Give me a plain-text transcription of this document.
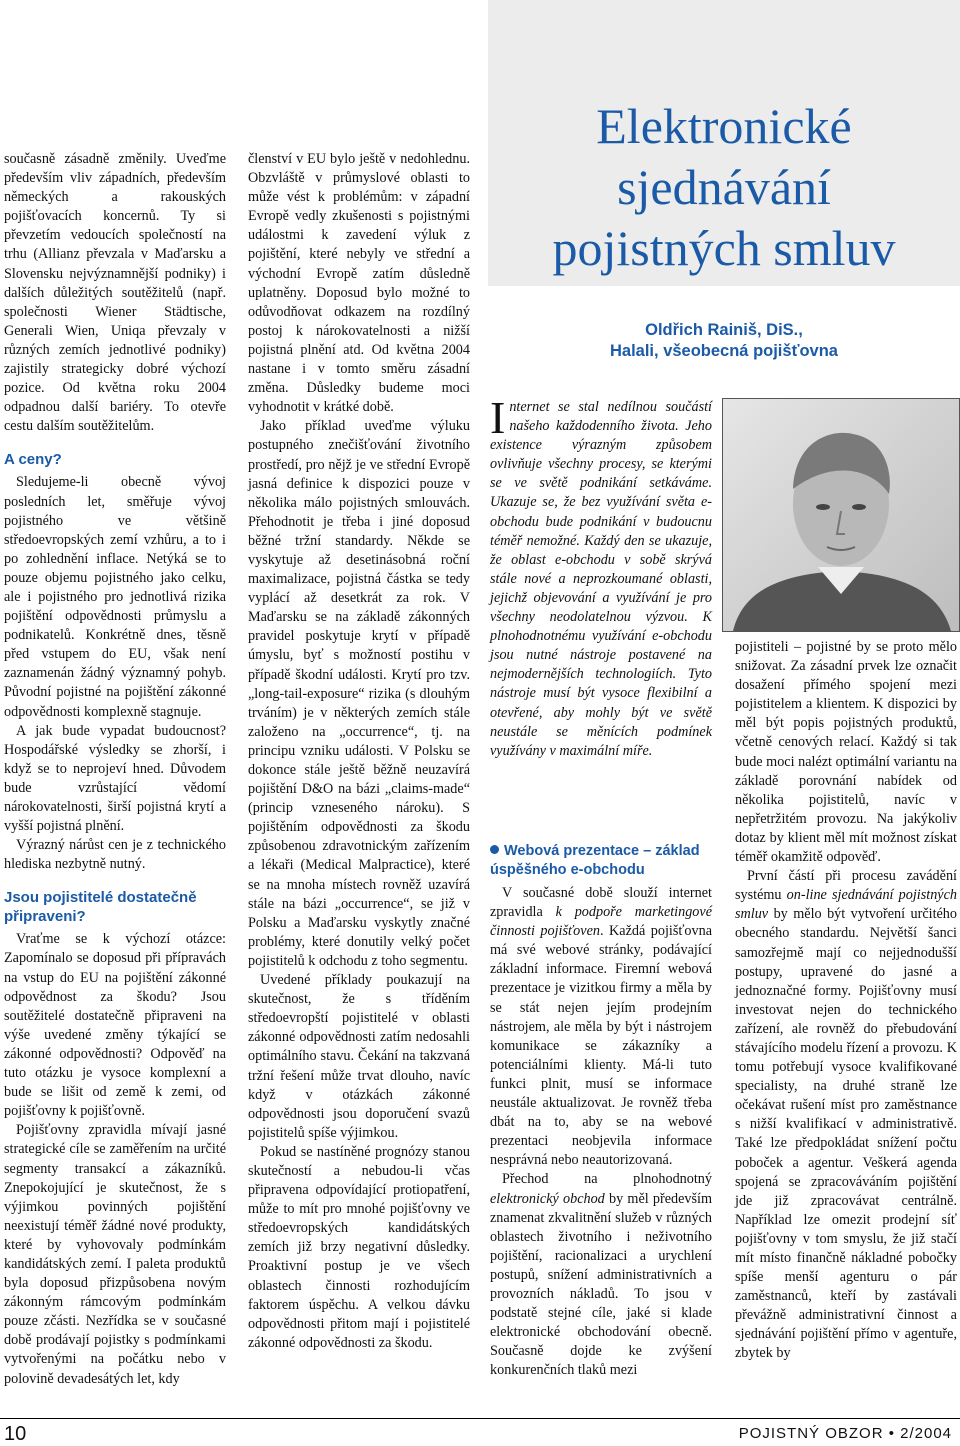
Elektronické
sjednávání
pojistných smluv
Oldřich Rainiš, DiS.,
Halali, všeobecná pojišťovna

současně zásadně změnily. Uveďme především vliv západních, především německých a rakouských pojišťovacích koncernů. Ty si převzetím vedoucích společností na trhu (Allianz převzala v Maďarsku a Slovensku nejvýznamnější podniky) i dalších důležitých soutěžitelů (např. společnosti Wiener Städtische, Generali Wien, Uniqa převzaly v různých zemích jednotlivé podniky) zajistily strategicky dobré výchozí pozice. Od května roku 2004 odpadnou další bariéry. To otevře cestu dalším soutěžitelům.

A ceny?

Sledujeme-li obecně vývoj posledních let, směřuje vývoj pojistného ve většině středoevropských zemí vzhůru, a to i po zohlednění inflace. Netýká se to pouze objemu pojistného jako celku, ale i pojistného pro jednotlivá rizika pojištění odpovědnosti průmyslu a podnikatelů. Konkrétně dnes, těsně před vstupem do EU, však není zaznamenán žádný významný pohyb. Původní pojistné na pojištění zákonné odpovědnosti komplexně stagnuje.

A jak bude vypadat budoucnost? Hospodářské výsledky se zhorší, i když se to neprojeví hned. Důvodem bude vzrůstající vědomí nárokovatelnosti, širší pojistná krytí a vyšší pojistná plnění.

Výrazný nárůst cen je z technického hlediska nezbytně nutný.

Jsou pojistitelé dostatečně připraveni?

Vraťme se k výchozí otázce: Zapomínalo se doposud při přípravách na vstup do EU na pojištění zákonné odpovědnost za škodu? Jsou soutěžitelé dostatečně připraveni na výše uvedené změny týkající se zákonné odpovědnosti? Odpověď na tuto otázku je vysoce komplexní a bude se lišit od země k zemi, od pojišťovny k pojišťovně.

Pojišťovny zpravidla mívají jasné strategické cíle se zaměřením na určité segmenty transakcí a zákazníků. Znepokojující je skutečnost, že s výjimkou povinných pojištění neexistují téměř žádné nové produkty, které by vyhovovaly podmínkám kandidátských zemí. I paleta produktů byla doposud přizpůsobena novým zákonným rámcovým podmínkám pouze zčásti. Nezřídka se v současné době prodávají pojistky s podmínkami vytvořenými na počátku nebo v polovině devadesátých let, kdy

členství v EU bylo ještě v nedohlednu. Obzvláště v průmyslové oblasti to může vést k problémům: v západní Evropě vedly zkušenosti s pojistnými událostmi k zavedení výluk z pojištění, které nebyly ve střední a východní Evropě zatím důsledně uplatněny. Doposud bylo možné to odůvodňovat odkazem na rozdílný postoj k nárokovatelnosti a nižší pojistná plnění atd. Od května 2004 nastane i v tomto směru zásadní změna. Důsledky budeme moci vyhodnotit v krátké době.

Jako příklad uveďme výluku postupného znečišťování životního prostředí, pro nějž je ve střední Evropě jasná definice k dispozici pouze v několika málo pojistných smlouvách. Přehodnotit je třeba i jiné doposud běžné tržní standardy. Někde se vyskytuje až desetinásobná roční maximalizace, pojistná částka se tedy vyplácí až desetkrát za rok. V Maďarsku se na základě zákonných pravidel poskytuje krytí v případě úmyslu, byť s možností postihu v případě škodní události. Krytí pro tzv. „long-tail-exposure“ rizika (s dlouhým trváním) je v některých zemích stále založeno na „occurrence“, tj. na principu vzniku události. V Polsku se dokonce stále ještě běžně neuzavírá pojištění D&O na bázi „claims-made“ (princip vzneseného nároku). S pojištěním odpovědnosti za škodu způsobenou zdravotnickým zařízením a lékaři (Medical Malpractice), které se na mnoha místech rovněž uzavírá stále na bázi „occurrence“, se již v Polsku a Maďarsku vyskytly značné problémy, které donutily velký počet pojistitelů k odchodu z toho segmentu.

Uvedené příklady poukazují na skutečnost, že s tříděním středoevropští pojistitelé v oblasti zákonné odpovědnosti zatím nedosahli optimálního stavu. Čekání na takzvaná tržní řešení může trvat dlouho, navíc když v otázkách zákonné odpovědnosti jsou doporučení svazů pojistitelů spíše výjimkou.

Pokud se nastíněné prognózy stanou skutečností a nebudou-li včas připravena odpovídající protiopatření, může to mít pro mnohé pojišťovny ve středoevropských kandidátských zemích již brzy negativní důsledky. Proaktivní postup je ve všech oblastech činnosti rozhodujícím faktorem úspěchu. A velkou dávku odpovědnosti přitom mají i pojistitelé zákonné odpovědnosti za škodu.

Internet se stal nedílnou součástí našeho každodenního života. Jeho existence výrazným způsobem ovlivňuje všechny procesy, se kterými se ve světě podnikání setkáváme. Ukazuje se, že bez využívání světa e-obchodu bude podnikání v budoucnu téměř nemožné. Každý den se ukazuje, že oblast e-obchodu v sobě skrývá stále nové a neprozkoumané oblasti, jejichž objevování a využívání je pro všechny neodolatelnou výzvou. K plnohodnotnému využívání e-obchodu jsou nutné nástroje postavené na nejmodernějších technologiích. Tyto nástroje musí být vysoce flexibilní a otevřené, aby mohly být ve světě neustále se měnících podmínek využívány v maximální míře.
Webová prezentace – základ úspěšného e-obchodu

V současné době slouží internet zpravidla k podpoře marketingové činnosti pojišťoven. Každá pojišťovna má své webové stránky, podávající základní informace. Firemní webová prezentace je vizitkou firmy a měla by se stát nejen jejím prodejním nástrojem, ale měla by být i nástrojem komunikace se zákazníky a potenciálními klienty. Má-li tuto funkci plnit, musí se informace neustále aktualizovat. Je rovněž třeba dbát na to, aby se na webové prezentaci neobjevila informace nesprávná nebo neautorizovaná.

Přechod na plnohodnotný elektronický obchod by měl především znamenat zkvalitnění služeb v různých oblastech životního i neživotního pojištění, racionalizaci a urychlení postupů, snížení administrativních a provozních nákladů. To jsou v podstatě stejné cíle, jaké si klade elektronické obchodování obecně. Současně dojde ke zvýšení konkurenčních tlaků mezi

pojistiteli – pojistné by se proto mělo snižovat. Za zásadní prvek lze označit dosažení přímého spojení mezi pojistitelem a klientem. K dispozici by měl být popis pojistných produktů, včetně cenových relací. Každý si tak bude moci nalézt optimální variantu na základě porovnání nabídek od několika pojistitelů, navíc v nepřetržitém provozu. Na jakýkoliv dotaz by klient měl mít možnost získat téměř okamžitě odpověď.

První částí při procesu zavádění systému on-line sjednávání pojistných smluv by mělo být vytvoření určitého obecného standardu. Největší šanci samozřejmě mají co nejjednodušší postupy, upravené do jasné a jednoznačné formy. Pojišťovny musí investovat nejen do technického zařízení, ale rovněž do přebudování stávajícího modelu řízení a provozu. K tomu potřebují vysoce kvalifikované specialisty, na druhé straně lze očekávat rušení míst pro zaměstnance s nižší kvalifikací v administrativě. Také lze předpokládat snížení počtu poboček a agentur. Veškerá agenda spojená se zpracováváním pojištění jde již zpracovávat centrálně. Například lze omezit prodejní síť pojišťovny v tom smyslu, že již stačí mít místo finančně nákladné pobočky spíše menší agenturu o pár zaměstnanců, kteří by zastávali převážně administrativní činnost a sjednávání pojištění přímo v agentuře, zbytek by

10	POJISTNÝ OBZOR • 2/2004
